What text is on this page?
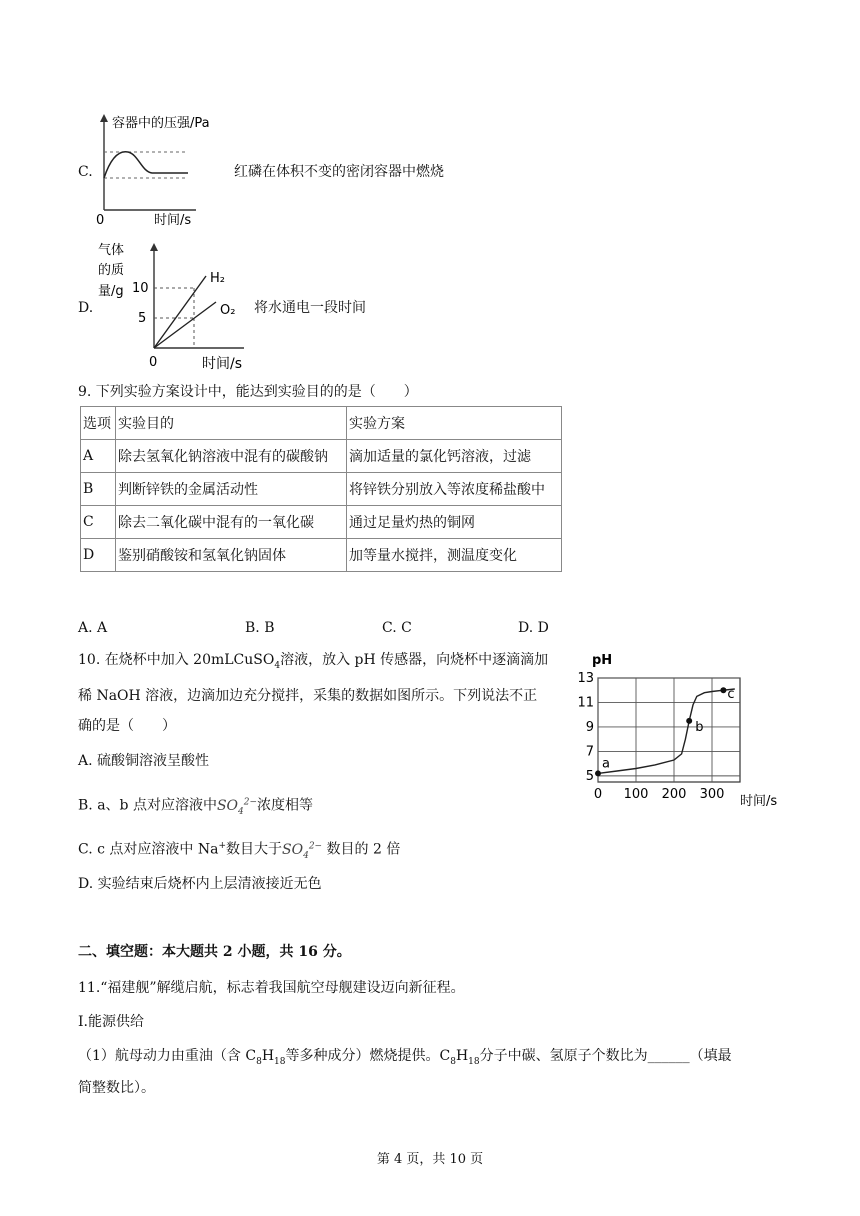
C.
容器中的压强/Pa
0	时间/s
红磷在体积不变的密闭容器中燃烧
D.
气体
的质
量/g 10
5
H₂
O₂
0	时间/s
将水通电一段时间
9. 下列实验方案设计中，能达到实验目的的是（　　）
选项	实验目的	实验方案
A	除去氢氧化钠溶液中混有的碳酸钠	滴加适量的氯化钙溶液，过滤
B	判断锌铁的金属活动性	将锌铁分别放入等浓度稀盐酸中
C	除去二氧化碳中混有的一氧化碳	通过足量灼热的铜网
D	鉴别硝酸铵和氢氧化钠固体	加等量水搅拌，测温度变化
A. A	B. B	C. C	D. D
10. 在烧杯中加入 20mLCuSO$_4$溶液，放入 pH 传感器，向烧杯中逐滴滴加
稀 NaOH 溶液，边滴加边充分搅拌，采集的数据如图所示。下列说法不正
确的是（　　）
A. 硫酸铜溶液呈酸性
B. a、b 点对应溶液中$SO_4^{2-}$浓度相等
C. c 点对应溶液中 Na+数目大于$SO_4^{2-}$ 数目的 2 倍
D. 实验结束后烧杯内上层清液接近无色
5
7
9
11
13
0 100 200 300
a
b
c
pH
时间/s
二、填空题：本大题共 2 小题，共 16 分。
11.“福建舰”解缆启航，标志着我国航空母舰建设迈向新征程。
Ⅰ.能源供给
（1）航母动力由重油（含 $C_8H_{18}$等多种成分）燃烧提供。$C_8H_{18}$分子中碳、氢原子个数比为______（填最
简整数比）。
第 4 页，共 10 页
